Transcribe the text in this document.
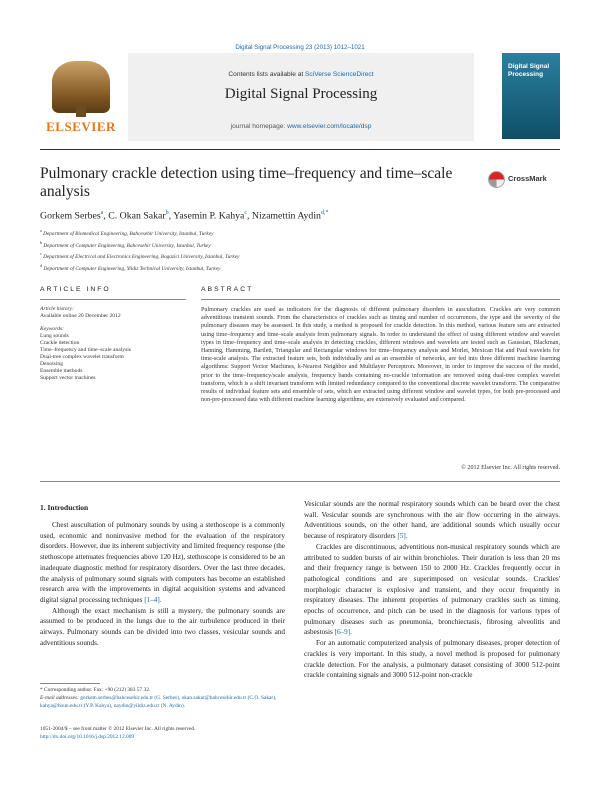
Digital Signal Processing 23 (2013) 1012–1021
ELSEVIER
Contents lists available at SciVerse ScienceDirect
Digital Signal Processing
journal homepage: www.elsevier.com/locate/dsp
Digital Signal Processing
Pulmonary crackle detection using time–frequency and time–scale analysis
CrossMark
Gorkem Serbes$^a$, C. Okan Sakar$^b$, Yasemin P. Kahya$^c$, Nizamettin Aydin$^{d,*}$
$^a$ Department of Biomedical Engineering, Bahcesehir University, Istanbul, Turkey
$^b$ Department of Computer Engineering, Bahcesehir University, Istanbul, Turkey
$^c$ Department of Electrical and Electronics Engineering, Bogazici University, Istanbul, Turkey
$^d$ Department of Computer Engineering, Yildiz Technical University, Istanbul, Turkey
ARTICLE INFO	ABSTRACT
Article history:
Available online 20 December 2012
Keywords:
Lung sounds
Crackle detection
Time–frequency and time–scale analysis
Dual-tree complex wavelet transform
Denoising
Ensemble methods
Support vector machines
Pulmonary crackles are used as indicators for the diagnosis of different pulmonary disorders in auscultation. Crackles are very common adventitious transient sounds. From the characteristics of crackles such as timing and number of occurrences, the type and the severity of the pulmonary diseases may be assessed. In this study, a method is proposed for crackle detection. In this method, various feature sets are extracted using time–frequency and time–scale analysis from pulmonary signals. In order to understand the effect of using different window and wavelet types in time–frequency and time–scale analysis in detecting crackles, different windows and wavelets are tested such as Gaussian, Blackman, Hanning, Hamming, Bartlett, Triangular and Rectangular windows for time–frequency analysis and Morlet, Mexican Hat and Paul wavelets for time-scale analysis. The extracted feature sets, both individually and as an ensemble of networks, are fed into three different machine learning algorithms: Support Vector Machines, k-Nearest Neighbor and Multilayer Perceptron. Moreover, in order to improve the success of the model, prior to the time–frequency/scale analysis, frequency bands containing no-crackle information are removed using dual-tree complex wavelet transform, which is a shift invariant transform with limited redundancy compared to the conventional discrete wavelet transform. The comparative results of individual feature sets and ensemble of sets, which are extracted using different window and wavelet types, for both pre-processed and non-pre-processed data with different machine learning algorithms, are extensively evaluated and compared.
© 2012 Elsevier Inc. All rights reserved.
1. Introduction

Chest auscultation of pulmonary sounds by using a stethoscope is a commonly used, economic and noninvasive method for the evaluation of the respiratory disorders. However, due its inherent subjectivity and limited frequency response (the stethoscope attenuates frequencies above 120 Hz), stethoscope is considered to be an inadequate diagnostic method for respiratory disorders. Over the last three decades, the analysis of pulmonary sound signals with computers has become an established research area with the improvements in digital acquisition systems and advanced digital signal processing techniques [1–4].

Although the exact mechanism is still a mystery, the pulmonary sounds are assumed to be produced in the lungs due to the air turbulence produced in their airways. Pulmonary sounds can be divided into two classes, vesicular sounds and adventitious sounds.

Vesicular sounds are the normal respiratory sounds which can be heard over the chest wall. Vesicular sounds are synchronous with the air flow occurring in the airways. Adventitious sounds, on the other hand, are additional sounds which usually occur because of respiratory disorders [5].

Crackles are discontinuous, adventitious non-musical respiratory sounds which are attributed to sudden bursts of air within bronchioles. Their duration is less than 20 ms and their frequency range is between 150 to 2000 Hz. Crackles frequently occur in pathological conditions and are superimposed on vesicular sounds. Crackles' morphologic character is explosive and transient, and they occur frequently in respiratory diseases. The inherent properties of pulmonary crackles such as timing, epochs of occurrence, and pitch can be used in the diagnosis for various types of pulmonary diseases such as pneumonia, bronchiectasis, fibrosing alveolitis and asbestosis [6–9].

For an automatic computerized analysis of pulmonary diseases, proper detection of crackles is very important. In this study, a novel method is proposed for pulmonary crackle detection. For the analysis, a pulmonary dataset consisting of 3000 512-point crackle containing signals and 3000 512-point non-crackle

* Corresponding author. Fax: +90 (212) 383 57 32.
E-mail addresses: gorkem.serbes@bahcesehir.edu.tr (G. Serbes), okan.sakar@bahcesehir.edu.tr (C.O. Sakar), kahya@boun.edu.tr (Y.P. Kahya), naydin@yildiz.edu.tr (N. Aydin).
1051-2004/$ – see front matter © 2012 Elsevier Inc. All rights reserved.
http://dx.doi.org/10.1016/j.dsp.2012.12.009
